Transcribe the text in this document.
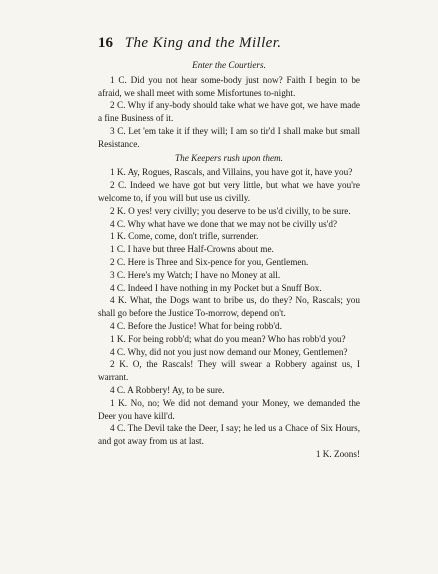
16 The King and the Miller.

Enter the Courtiers.

1 C. Did you not hear some-body just now? Faith I begin to be afraid, we shall meet with some Misfortunes to-night.

2 C. Why if any-body should take what we have got, we have made a fine Business of it.

3 C. Let 'em take it if they will; I am so tir'd I shall make but small Resistance.

The Keepers rush upon them.

1 K. Ay, Rogues, Rascals, and Villains, you have got it, have you?

2 C. Indeed we have got but very little, but what we have you're welcome to, if you will but use us civilly.

2 K. O yes! very civilly; you deserve to be us'd civilly, to be sure.

4 C. Why what have we done that we may not be civilly us'd?

1 K. Come, come, don't trifle, surrender.

1 C. I have but three Half-Crowns about me.

2 C. Here is Three and Six-pence for you, Gentlemen.

3 C. Here's my Watch; I have no Money at all.

4 C. Indeed I have nothing in my Pocket but a Snuff Box.

4 K. What, the Dogs want to bribe us, do they? No, Rascals; you shall go before the Justice To-morrow, depend on't.

4 C. Before the Justice! What for being robb'd.

1 K. For being robb'd; what do you mean? Who has robb'd you?

4 C. Why, did not you just now demand our Money, Gentlemen?

2 K. O, the Rascals! They will swear a Robbery against us, I warrant.

4 C. A Robbery! Ay, to be sure.

1 K. No, no; We did not demand your Money, we demanded the Deer you have kill'd.

4 C. The Devil take the Deer, I say; he led us a Chace of Six Hours, and got away from us at last.

1 K. Zoons!
